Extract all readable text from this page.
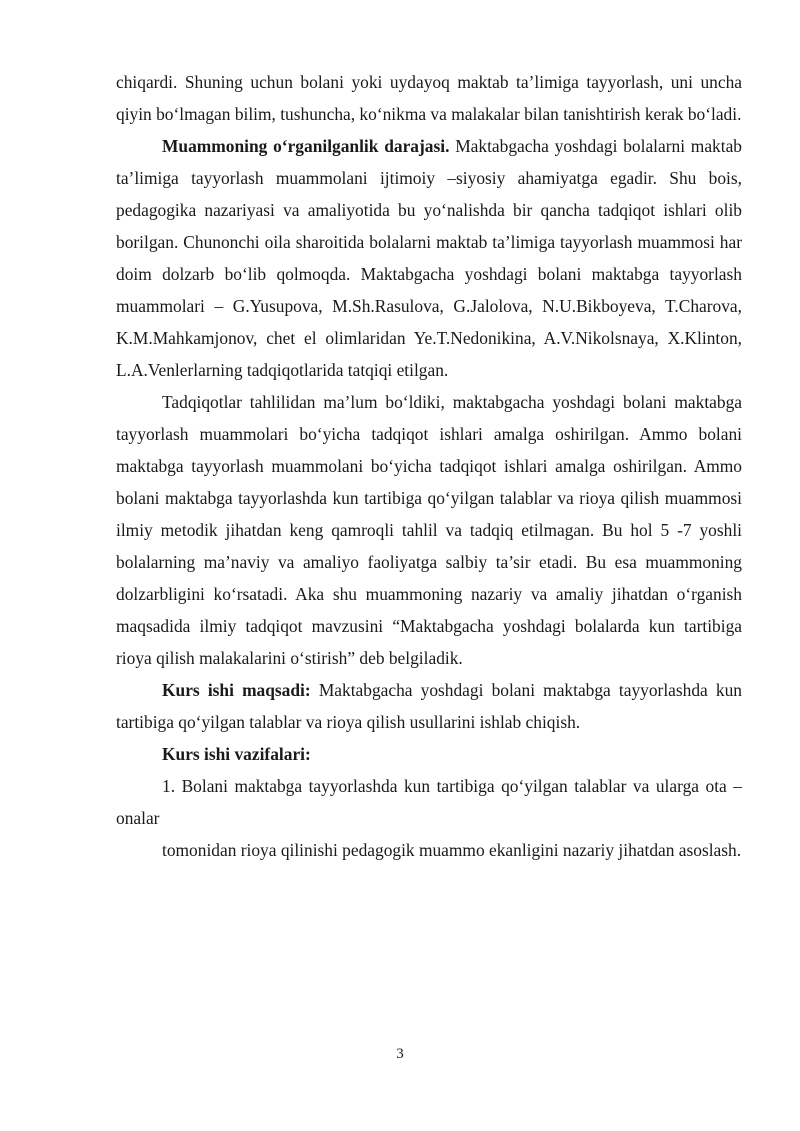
chiqardi. Shuning uchun bolani yoki uydayoq maktab ta’limiga tayyorlash, uni uncha qiyin bo‘lmagan bilim, tushuncha, ko‘nikma va malakalar bilan tanishtirish kerak bo‘ladi.

Muammoning o‘rganilganlik darajasi. Maktabgacha yoshdagi bolalarni maktab ta’limiga tayyorlash muammolani ijtimoiy –siyosiy ahamiyatga egadir. Shu bois, pedagogika nazariyasi va amaliyotida bu yo‘nalishda bir qancha tadqiqot ishlari olib borilgan. Chunonchi oila sharoitida bolalarni maktab ta’limiga tayyorlash muammosi har doim dolzarb bo‘lib qolmoqda. Maktabgacha yoshdagi bolani maktabga tayyorlash muammolari – G.Yusupova, M.Sh.Rasulova, G.Jalolova, N.U.Bikboyeva, T.Charova, K.M.Mahkamjonov, chet el olimlaridan Ye.T.Nedonikina, A.V.Nikolsnaya, X.Klinton, L.A.Venlerlarning tadqiqotlarida tatqiqi etilgan.

Tadqiqotlar tahlilidan ma’lum bo‘ldiki, maktabgacha yoshdagi bolani maktabga tayyorlash muammolari bo‘yicha tadqiqot ishlari amalga oshirilgan. Ammo bolani maktabga tayyorlash muammolani bo‘yicha tadqiqot ishlari amalga oshirilgan. Ammo bolani maktabga tayyorlashda kun tartibiga qo‘yilgan talablar va rioya qilish muammosi ilmiy metodik jihatdan keng qamroqli tahlil va tadqiq etilmagan. Bu hol 5 -7 yoshli bolalarning ma’naviy va amaliyo faoliyatga salbiy ta’sir etadi. Bu esa muammoning dolzarbligini ko‘rsatadi. Aka shu muammoning nazariy va amaliy jihatdan o‘rganish maqsadida ilmiy tadqiqot mavzusini “Maktabgacha yoshdagi bolalarda kun tartibiga rioya qilish malakalarini o‘stirish” deb belgiladik.

Kurs ishi maqsadi: Maktabgacha yoshdagi bolani maktabga tayyorlashda kun tartibiga qo‘yilgan talablar va rioya qilish usullarini ishlab chiqish.

Kurs ishi vazifalari:

1. Bolani maktabga tayyorlashda kun tartibiga qo‘yilgan talablar va ularga ota –onalar

tomonidan rioya qilinishi pedagogik muammo ekanligini nazariy jihatdan asoslash.

3
